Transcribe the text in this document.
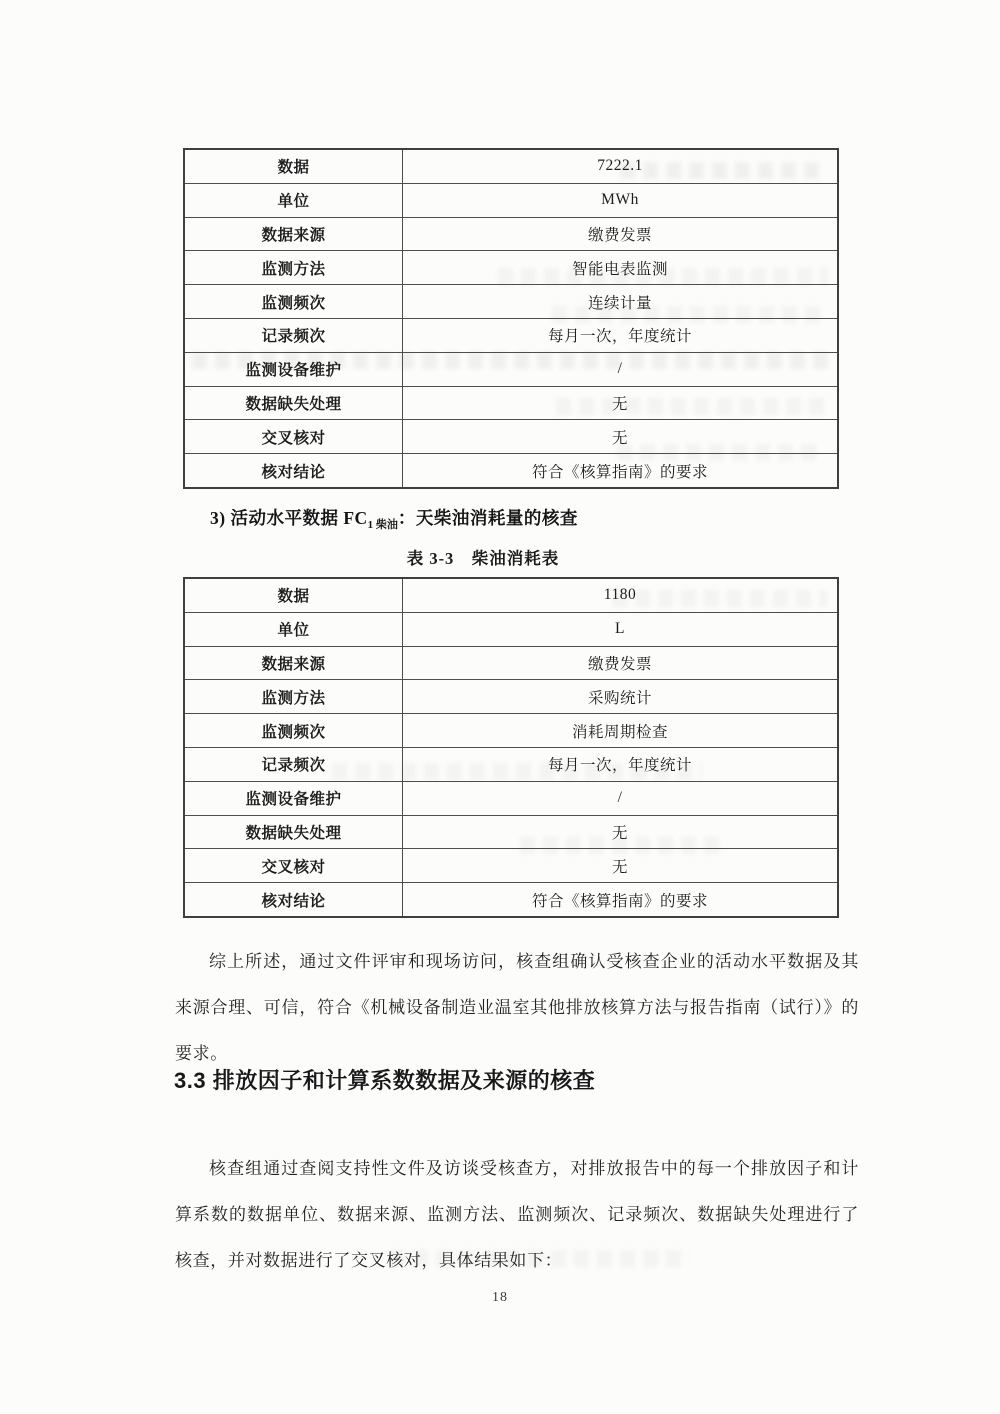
数据	7222.1
单位	MWh
数据来源	缴费发票
监测方法	智能电表监测
监测频次	连续计量
记录频次	每月一次，年度统计
监测设备维护	/
数据缺失处理	无
交叉核对	无
核对结论	符合《核算指南》的要求
3) 活动水平数据 $FC_{1 柴油}$：天柴油消耗量的核查
表 3-3　柴油消耗表
数据	1180
单位	L
数据来源	缴费发票
监测方法	采购统计
监测频次	消耗周期检查
记录频次	每月一次，年度统计
监测设备维护	/
数据缺失处理	无
交叉核对	无
核对结论	符合《核算指南》的要求

综上所述，通过文件评审和现场访问，核查组确认受核查企业的活动水平数据及其来源合理、可信，符合《机械设备制造业温室其他排放核算方法与报告指南（试行）》的要求。

3.3 排放因子和计算系数数据及来源的核查

核查组通过查阅支持性文件及访谈受核查方，对排放报告中的每一个排放因子和计算系数的数据单位、数据来源、监测方法、监测频次、记录频次、数据缺失处理进行了核查，并对数据进行了交叉核对，具体结果如下：

18
